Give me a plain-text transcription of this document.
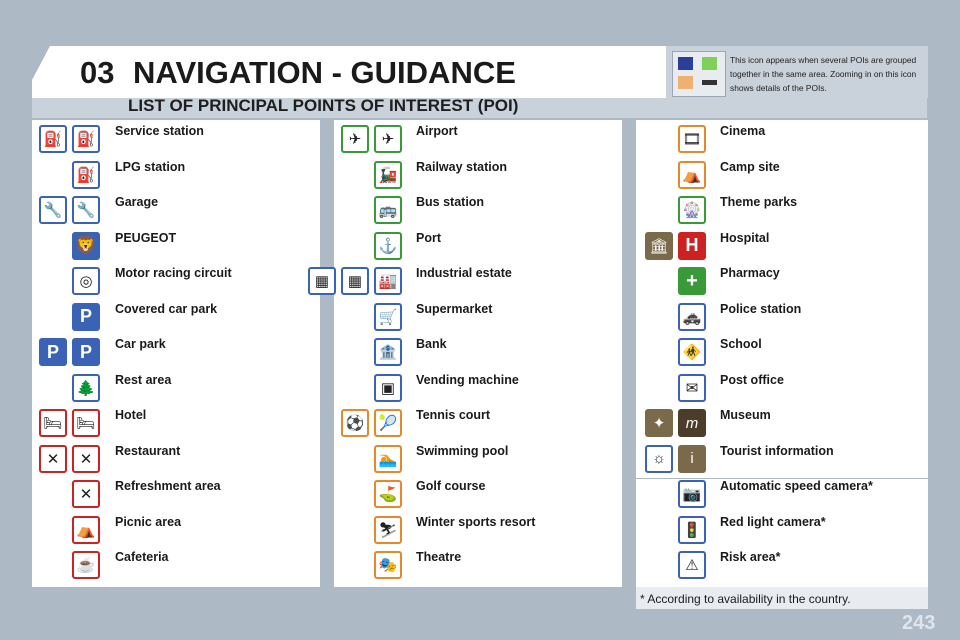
03 NAVIGATION - GUIDANCE
LIST OF PRINCIPAL POINTS OF INTEREST (POI)
This icon appears when several POIs are grouped together in the same area. Zooming in on this icon shows details of the POIs.
⛽ ⛽	Service station
⛽	LPG station
🔧 🔧	Garage
🦁 PEUGEOT
◎	Motor racing circuit
P	Covered car park
P	P	Car park
🌲	Rest area
🛏 🛏	Hotel
✕	✕	Restaurant
✕	Refreshment area
⛺	Picnic area
☕	Cafeteria
✈	✈	Airport
🚂	Railway station
🚌	Bus station
⚓	Port
▦	▦	🏭	Industrial estate
🛒	Supermarket
🏦	Bank
▣	Vending machine
⚽ 🎾	Tennis court
🏊	Swimming pool
⛳	Golf course
⛷	Winter sports resort
🎭	Theatre
🎞	Cinema
⛺	Camp site
🎡	Theme parks
🏛 H	Hospital
+	Pharmacy
🚓	Police station
🚸	School
✉	Post office
✦	m	Museum
☼	i	Tourist information
📷	Automatic speed camera*
🚦	Red light camera*
⚠	Risk area*
* According to availability in the country.
243
